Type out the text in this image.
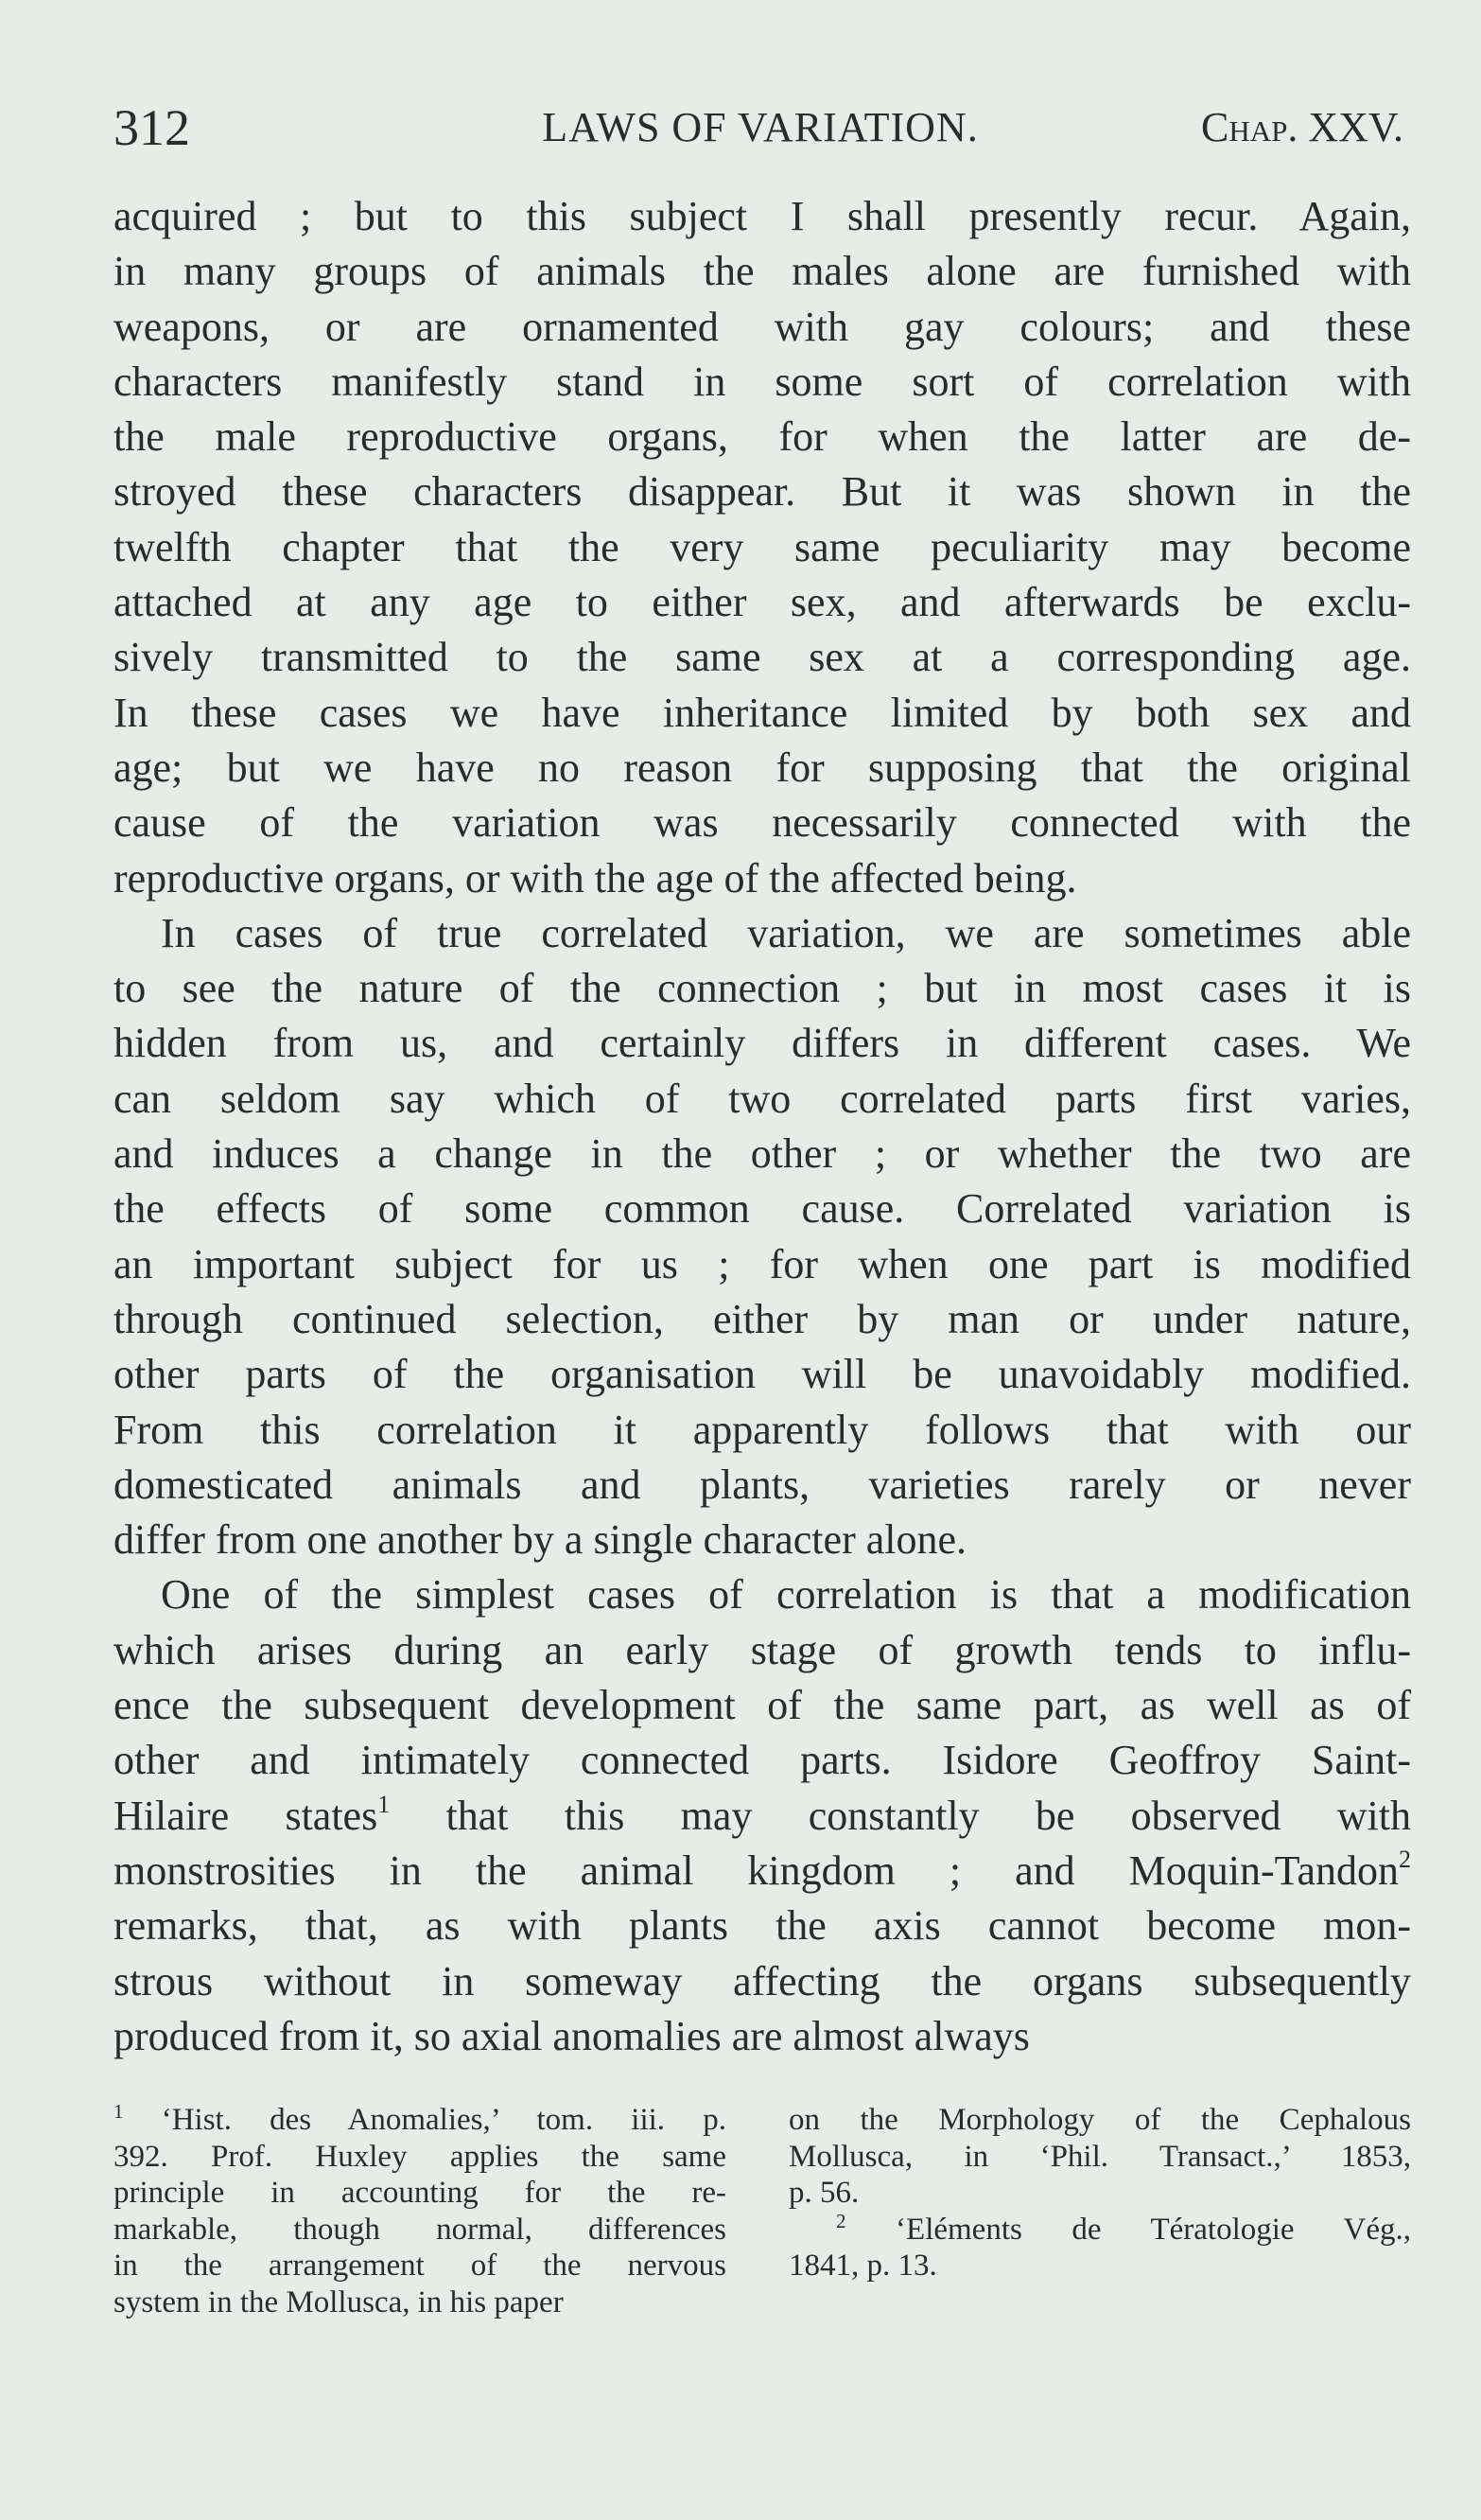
312	LAWS OF VARIATION.	Chap. XXV.

acquired ; but to this subject I shall presently recur. Again,

in many groups of animals the males alone are furnished with

weapons, or are ornamented with gay colours; and these

characters manifestly stand in some sort of correlation with

the male reproductive organs, for when the latter are de-

stroyed these characters disappear. But it was shown in the

twelfth chapter that the very same peculiarity may become

attached at any age to either sex, and afterwards be exclu-

sively transmitted to the same sex at a corresponding age.

In these cases we have inheritance limited by both sex and

age; but we have no reason for supposing that the original

cause of the variation was necessarily connected with the

reproductive organs, or with the age of the affected being.

In cases of true correlated variation, we are sometimes able

to see the nature of the connection ; but in most cases it is

hidden from us, and certainly differs in different cases. We

can seldom say which of two correlated parts first varies,

and induces a change in the other ; or whether the two are

the effects of some common cause. Correlated variation is

an important subject for us ; for when one part is modified

through continued selection, either by man or under nature,

other parts of the organisation will be unavoidably modified.

From this correlation it apparently follows that with our

domesticated animals and plants, varieties rarely or never

differ from one another by a single character alone.

One of the simplest cases of correlation is that a modification

which arises during an early stage of growth tends to influ-

ence the subsequent development of the same part, as well as of

other and intimately connected parts. Isidore Geoffroy Saint-

Hilaire states$^1$ that this may constantly be observed with

monstrosities in the animal kingdom ; and Moquin-Tandon$^2$

remarks, that, as with plants the axis cannot become mon-

strous without in someway affecting the organs subsequently

produced from it, so axial anomalies are almost always

$^1$ ‘Hist. des Anomalies,’ tom. iii. p.

392. Prof. Huxley applies the same

principle in accounting for the re-

markable, though normal, differences

in the arrangement of the nervous

system in the Mollusca, in his paper

on the Morphology of the Cephalous

Mollusca, in ‘Phil. Transact.,’ 1853,

p. 56.

$^2$ ‘Eléments de Tératologie Vég.,

1841, p. 13.
